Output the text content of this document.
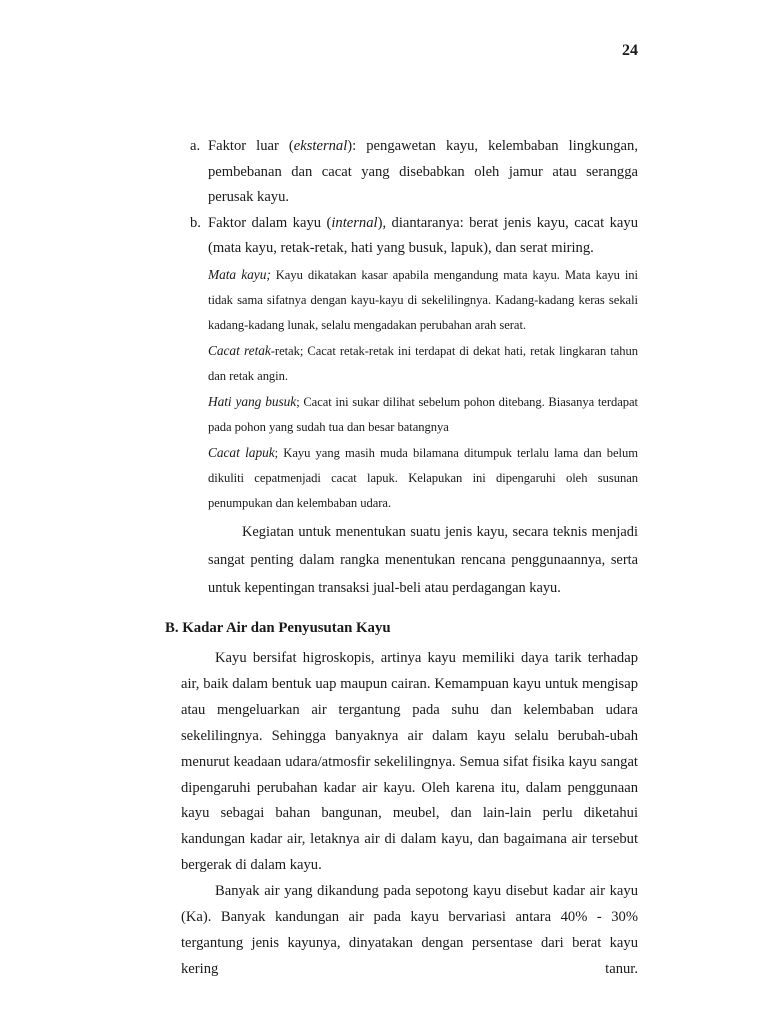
24
a. Faktor luar (eksternal): pengawetan kayu, kelembaban lingkungan, pembebanan dan cacat yang disebabkan oleh jamur atau serangga perusak kayu.
b. Faktor dalam kayu (internal), diantaranya: berat jenis kayu, cacat kayu (mata kayu, retak-retak, hati yang busuk, lapuk), dan serat miring.

Mata kayu; Kayu dikatakan kasar apabila mengandung mata kayu. Mata kayu ini tidak sama sifatnya dengan kayu-kayu di sekelilingnya. Kadang-kadang keras sekali kadang-kadang lunak, selalu mengadakan perubahan arah serat.

Cacat retak-retak; Cacat retak-retak ini terdapat di dekat hati, retak lingkaran tahun dan retak angin.

Hati yang busuk; Cacat ini sukar dilihat sebelum pohon ditebang. Biasanya terdapat pada pohon yang sudah tua dan besar batangnya

Cacat lapuk; Kayu yang masih muda bilamana ditumpuk terlalu lama dan belum dikuliti cepatmenjadi cacat lapuk. Kelapukan ini dipengaruhi oleh susunan penumpukan dan kelembaban udara.

Kegiatan untuk menentukan suatu jenis kayu, secara teknis menjadi sangat penting dalam rangka menentukan rencana penggunaannya, serta untuk kepentingan transaksi jual-beli atau perdagangan kayu.

B. Kadar Air dan Penyusutan Kayu

Kayu bersifat higroskopis, artinya kayu memiliki daya tarik terhadap air, baik dalam bentuk uap maupun cairan. Kemampuan kayu untuk mengisap atau mengeluarkan air tergantung pada suhu dan kelembaban udara sekelilingnya. Sehingga banyaknya air dalam kayu selalu berubah-ubah menurut keadaan udara/atmosfir sekelilingnya. Semua sifat fisika kayu sangat dipengaruhi perubahan kadar air kayu. Oleh karena itu, dalam penggunaan kayu sebagai bahan bangunan, meubel, dan lain-lain perlu diketahui kandungan kadar air, letaknya air di dalam kayu, dan bagaimana air tersebut bergerak di dalam kayu.

Banyak air yang dikandung pada sepotong kayu disebut kadar air kayu (Ka). Banyak kandungan air pada kayu bervariasi antara 40% - 30% tergantung jenis kayunya, dinyatakan dengan persentase dari berat kayu kering tanur.
